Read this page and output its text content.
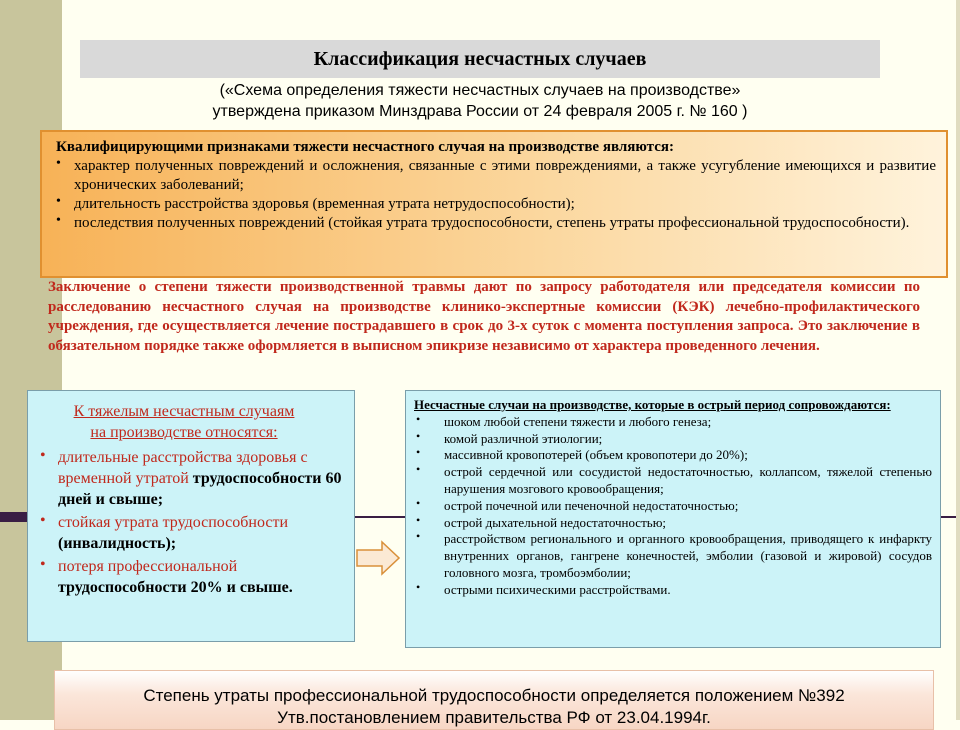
Классификация несчастных случаев
(«Схема определения тяжести несчастных случаев на производстве»
утверждена приказом Минздрава России от 24 февраля 2005 г. № 160 )
Квалифицирующими признаками тяжести несчастного случая на производстве являются:
• характер полученных повреждений и осложнения, связанные с этими повреждениями, а также усугубление имеющихся и развитие хронических заболеваний;
• длительность расстройства здоровья (временная утрата нетрудоспособности);
• последствия полученных повреждений (стойкая утрата трудоспособности, степень утраты профессиональной трудоспособности).
Заключение о степени тяжести производственной травмы дают по запросу работодателя или председателя комиссии по расследованию несчастного случая на производстве клинико-экспертные комиссии (КЭК) лечебно-профилактического учреждения, где осуществляется лечение пострадавшего в срок до 3-х суток с момента поступления запроса. Это заключение в обязательном порядке также оформляется в выписном эпикризе независимо от характера проведенного лечения.
К тяжелым несчастным случаям на производстве относятся:
• длительные расстройства здоровья с временной утратой трудоспособности 60 дней и свыше;
• стойкая утрата трудоспособности (инвалидность);
• потеря профессиональной трудоспособности 20% и свыше.
Несчастные случаи на производстве, которые в острый период сопровождаются:
• шоком любой степени тяжести и любого генеза;
• комой различной этиологии;
• массивной кровопотерей (объем кровопотери до 20%);
• острой сердечной или сосудистой недостаточностью, коллапсом, тяжелой степенью нарушения мозгового кровообращения;
• острой почечной или печеночной недостаточностью;
• острой дыхательной недостаточностью;
• расстройством регионального и органного кровообращения, приводящего к инфаркту внутренних органов, гангрене конечностей, эмболии (газовой и жировой) сосудов головного мозга, тромбоэмболии;
• острыми психическими расстройствами.
Степень утраты профессиональной трудоспособности определяется положением №392
Утв.постановлением правительства РФ от 23.04.1994г.
